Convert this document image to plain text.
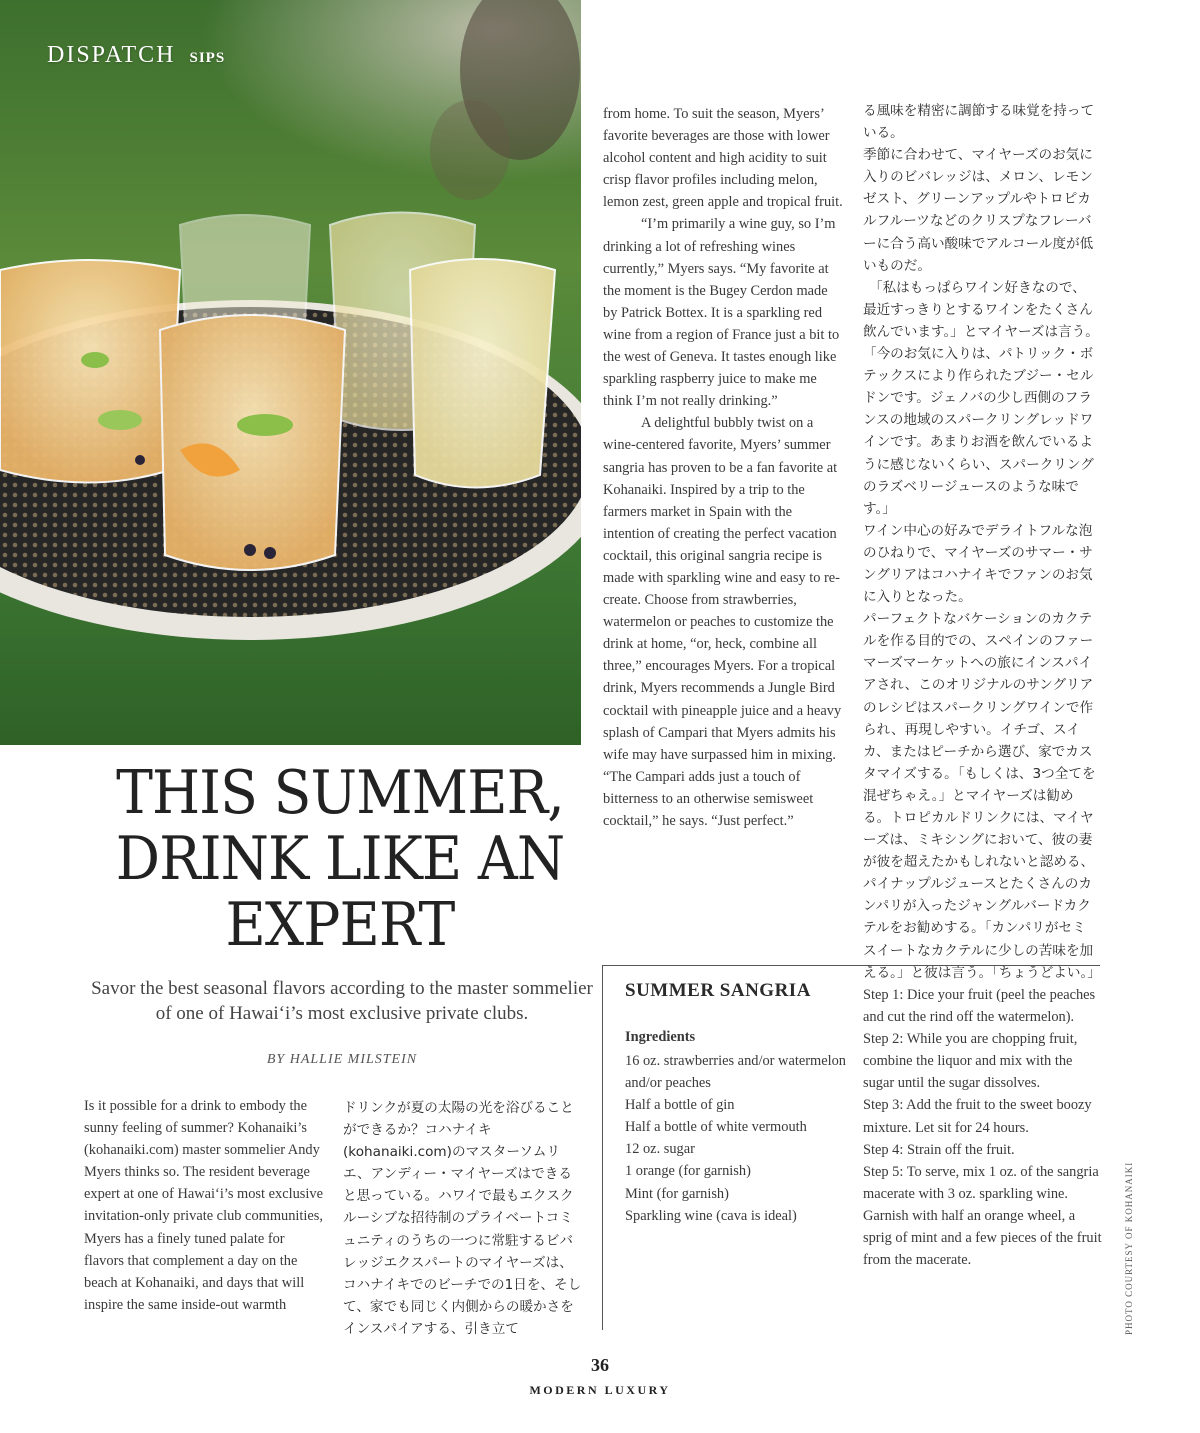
DISPATCH SIPS
THIS SUMMER,
DRINK LIKE AN
EXPERT

Savor the best seasonal flavors according to the master sommelier of one of Hawai‘i’s most exclusive private clubs.

BY HALLIE MILSTEIN

Is it possible for a drink to embody the sunny feeling of summer? Kohanaiki’s (kohanaiki.com) master sommelier Andy Myers thinks so. The resident beverage expert at one of Hawai‘i’s most exclusive invitation-only private club communities, Myers has a finely tuned palate for flavors that complement a day on the beach at Kohanaiki, and days that will inspire the same inside-out warmth

ドリンクが夏の太陽の光を浴びることができるか？コハナイキ(kohanaiki.com)のマスターソムリエ、アンディー・マイヤーズはできると思っている。ハワイで最もエクスクルーシブな招待制のプライベートコミュニティのうちの一つに常駐するビバレッジエクスパートのマイヤーズは、コハナイキでのビーチでの1日を、そして、家でも同じく内側からの暖かさをインスパイアする、引き立て

from home. To suit the season, Myers’ favorite beverages are those with lower alcohol content and high acidity to suit crisp flavor profiles including melon, lemon zest, green apple and tropical fruit.

“I’m primarily a wine guy, so I’m drinking a lot of refreshing wines currently,” Myers says. “My favorite at the moment is the Bugey Cerdon made by Patrick Bottex. It is a sparkling red wine from a region of France just a bit to the west of Geneva. It tastes enough like sparkling raspberry juice to make me think I’m not really drinking.”

A delightful bubbly twist on a wine-centered favorite, Myers’ summer sangria has proven to be a fan favorite at Kohanaiki. Inspired by a trip to the farmers market in Spain with the intention of creating the perfect vacation cocktail, this original sangria recipe is made with sparkling wine and easy to re-create. Choose from strawberries, watermelon or peaches to customize the drink at home, “or, heck, combine all three,” encourages Myers. For a tropical drink, Myers recommends a Jungle Bird cocktail with pineapple juice and a heavy splash of Campari that Myers admits his wife may have surpassed him in mixing. “The Campari adds just a touch of bitterness to an otherwise semisweet cocktail,” he says. “Just perfect.”

る風味を精密に調節する味覚を持っている。

季節に合わせて、マイヤーズのお気に入りのビバレッジは、メロン、レモンゼスト、グリーンアップルやトロピカルフルーツなどのクリスプなフレーバーに合う高い酸味でアルコール度が低いものだ。

「私はもっぱらワイン好きなので、最近すっきりとするワインをたくさん飲んでいます。」とマイヤーズは言う。「今のお気に入りは、パトリック・ボテックスにより作られたブジー・セルドンです。ジェノバの少し西側のフランスの地域のスパークリングレッドワインです。あまりお酒を飲んでいるように感じないくらい、スパークリングのラズベリージュースのような味です。」

ワイン中心の好みでデライトフルな泡のひねりで、マイヤーズのサマー・サングリアはコハナイキでファンのお気に入りとなった。

パーフェクトなバケーションのカクテルを作る目的での、スペインのファーマーズマーケットへの旅にインスパイアされ、このオリジナルのサングリアのレシピはスパークリングワインで作られ、再現しやすい。イチゴ、スイカ、またはピーチから選び、家でカスタマイズする。「もしくは、3つ全てを混ぜちゃえ。」とマイヤーズは勧める。トロピカルドリンクには、マイヤーズは、ミキシングにおいて、彼の妻が彼を超えたかもしれないと認める、パイナップルジュースとたくさんのカンパリが入ったジャングルバードカクテルをお勧めする。「カンパリがセミスイートなカクテルに少しの苦味を加える。」と彼は言う。「ちょうどよい。」

SUMMER SANGRIA
Ingredients

16 oz. strawberries and/or watermelon and/or peaches

Half a bottle of gin

Half a bottle of white vermouth

12 oz. sugar

1 orange (for garnish)

Mint (for garnish)

Sparkling wine (cava is ideal)

Step 1: Dice your fruit (peel the peaches and cut the rind off the watermelon).

Step 2: While you are chopping fruit, combine the liquor and mix with the sugar until the sugar dissolves.

Step 3: Add the fruit to the sweet boozy mixture. Let sit for 24 hours.

Step 4: Strain off the fruit.

Step 5: To serve, mix 1 oz. of the sangria macerate with 3 oz. sparkling wine. Garnish with half an orange wheel, a sprig of mint and a few pieces of the fruit from the macerate.	PHOTO COURTESY OF KOHANAIKI
36
MODERN LUXURY
